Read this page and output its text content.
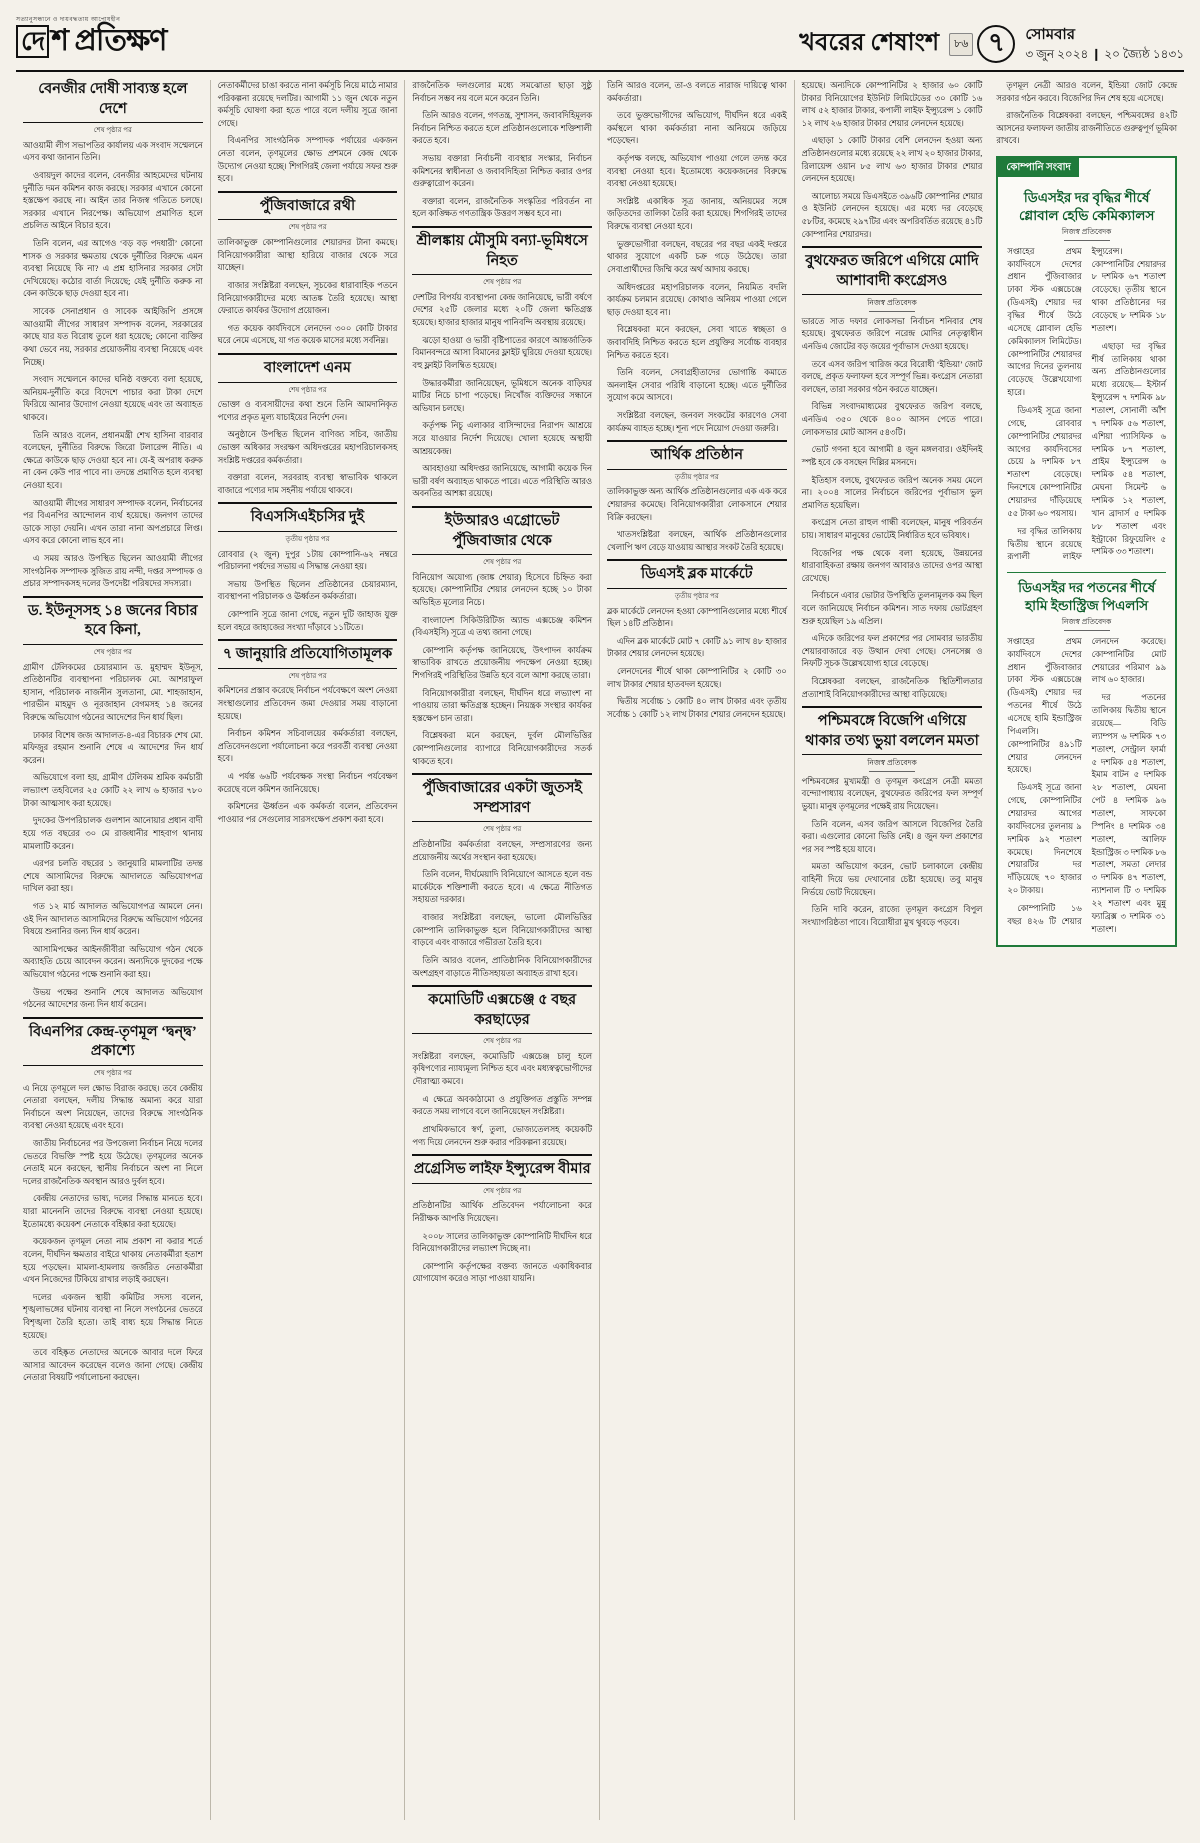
সত্যানুসন্ধানে ও দায়বদ্ধতায় আপোষহীন
দে শ প্রতিক্ষণ	খবরের শেষাংশ	৮৬ ৭	সোমবার
৩ জুন ২০২৪ ❙ ২০ জ্যৈষ্ঠ ১৪৩১
বেনজীর দোষী সাব্যস্ত হলে দেশে
শেষ পৃষ্ঠার পর

আওয়ামী লীগ সভাপতির কার্যালয় এক সংবাদ সম্মেলনে এসব কথা জানান তিনি।

ওবায়দুল কাদের বলেন, বেনজীর আহমেদের ঘটনায় দুর্নীতি দমন কমিশন কাজ করছে। সরকার এখানে কোনো হস্তক্ষেপ করছে না। আইন তার নিজস্ব গতিতে চলছে। সরকার এখানে নিরপেক্ষ। অভিযোগ প্রমাণিত হলে প্রচলিত আইনে বিচার হবে।

তিনি বলেন, এর আগেও ‘বড় বড় পদধারী’ কোনো শাসক ও সরকার ক্ষমতায় থেকে দুর্নীতির বিরুদ্ধে এমন ব্যবস্থা নিয়েছে কি না? এ প্রশ্ন হাসিনার সরকার সেটা দেখিয়েছে। কঠোর বার্তা দিয়েছে; যেই দুর্নীতি করুক না কেন কাউকে ছাড় দেওয়া হবে না।

সাবেক সেনাপ্রধান ও সাবেক আইজিপি প্রসঙ্গে আওয়ামী লীগের সাধারণ সম্পাদক বলেন, সরকারের কাছে যার যত বিরোধ তুলে ধরা হয়েছে; কোনো ব্যক্তির কথা ভেবে নয়, সরকার প্রয়োজনীয় ব্যবস্থা নিয়েছে এবং নিচ্ছে।

সংবাদ সম্মেলনে কাদের ঘনিষ্ঠ বক্তব্যে বলা হয়েছে, অনিয়ম-দুর্নীতি করে বিদেশে পাচার করা টাকা দেশে ফিরিয়ে আনার উদ্যোগ নেওয়া হয়েছে এবং তা অব্যাহত থাকবে।

তিনি আরও বলেন, প্রধানমন্ত্রী শেখ হাসিনা বারবার বলেছেন, দুর্নীতির বিরুদ্ধে জিরো টলারেন্স নীতি। এ ক্ষেত্রে কাউকে ছাড় দেওয়া হবে না। যে-ই অপরাধ করুক না কেন কেউ পার পাবে না। তদন্তে প্রমাণিত হলে ব্যবস্থা নেওয়া হবে।

আওয়ামী লীগের সাধারণ সম্পাদক বলেন, নির্বাচনের পর বিএনপির আন্দোলন ব্যর্থ হয়েছে। জনগণ তাদের ডাকে সাড়া দেয়নি। এখন তারা নানা অপপ্রচারে লিপ্ত। এসব করে কোনো লাভ হবে না।

এ সময় আরও উপস্থিত ছিলেন আওয়ামী লীগের সাংগঠনিক সম্পাদক সুজিত রায় নন্দী, দপ্তর সম্পাদক ও প্রচার সম্পাদকসহ দলের উপদেষ্টা পরিষদের সদস্যরা।

ড. ইউনূসসহ ১৪ জনের বিচার হবে কিনা,
শেষ পৃষ্ঠার পর

গ্রামীণ টেলিকমের চেয়ারম্যান ড. মুহাম্মদ ইউনূস, প্রতিষ্ঠানটির ব্যবস্থাপনা পরিচালক মো. আশরাফুল হাসান, পরিচালক নাজনীন সুলতানা, মো. শাহজাহান, পারভীন মাহমুদ ও নূরজাহান বেগমসহ ১৪ জনের বিরুদ্ধে অভিযোগ গঠনের আদেশের দিন ধার্য ছিল।

ঢাকার বিশেষ জজ আদালত-৪-এর বিচারক শেখ মো. মফিজুর রহমান শুনানি শেষে এ আদেশের দিন ধার্য করেন।

অভিযোগে বলা হয়, গ্রামীণ টেলিকম শ্রমিক কর্মচারী লভ্যাংশ তহবিলের ২৫ কোটি ২২ লাখ ৬ হাজার ৭৮০ টাকা আত্মসাৎ করা হয়েছে।

দুদকের উপপরিচালক গুলশান আনোয়ার প্রধান বাদী হয়ে গত বছরের ৩০ মে রাজধানীর শাহবাগ থানায় মামলাটি করেন।

এরপর চলতি বছরের ১ জানুয়ারি মামলাটির তদন্ত শেষে আসামিদের বিরুদ্ধে আদালতে অভিযোগপত্র দাখিল করা হয়।

গত ১২ মার্চ আদালত অভিযোগপত্র আমলে নেন। ওই দিন আদালত আসামিদের বিরুদ্ধে অভিযোগ গঠনের বিষয়ে শুনানির জন্য দিন ধার্য করেন।

আসামিপক্ষের আইনজীবীরা অভিযোগ গঠন থেকে অব্যাহতি চেয়ে আবেদন করেন। অন্যদিকে দুদকের পক্ষে অভিযোগ গঠনের পক্ষে শুনানি করা হয়।

উভয় পক্ষের শুনানি শেষে আদালত অভিযোগ গঠনের আদেশের জন্য দিন ধার্য করেন।

বিএনপির কেন্দ্র-তৃণমূল ‘দ্বন্দ্ব’ প্রকাশ্যে
শেষ পৃষ্ঠার পর

এ নিয়ে তৃণমূলে দল ক্ষোভ বিরাজ করছে। তবে কেন্দ্রীয় নেতারা বলছেন, দলীয় সিদ্ধান্ত অমান্য করে যারা নির্বাচনে অংশ নিয়েছেন, তাদের বিরুদ্ধে সাংগঠনিক ব্যবস্থা নেওয়া হয়েছে এবং হবে।

জাতীয় নির্বাচনের পর উপজেলা নির্বাচন নিয়ে দলের ভেতরে বিভক্তি স্পষ্ট হয়ে উঠেছে। তৃণমূলের অনেক নেতাই মনে করছেন, স্থানীয় নির্বাচনে অংশ না নিলে দলের রাজনৈতিক অবস্থান আরও দুর্বল হবে।

কেন্দ্রীয় নেতাদের ভাষ্য, দলের সিদ্ধান্ত মানতে হবে। যারা মানেননি তাদের বিরুদ্ধে ব্যবস্থা নেওয়া হয়েছে। ইতোমধ্যে কয়েকশ নেতাকে বহিষ্কার করা হয়েছে।

কয়েকজন তৃণমূল নেতা নাম প্রকাশ না করার শর্তে বলেন, দীর্ঘদিন ক্ষমতার বাইরে থাকায় নেতাকর্মীরা হতাশ হয়ে পড়ছেন। মামলা-হামলায় জর্জরিত নেতাকর্মীরা এখন নিজেদের টিকিয়ে রাখার লড়াই করছেন।

দলের একজন স্থায়ী কমিটির সদস্য বলেন, শৃঙ্খলাভঙ্গের ঘটনায় ব্যবস্থা না নিলে সংগঠনের ভেতরে বিশৃঙ্খলা তৈরি হতো। তাই বাধ্য হয়ে সিদ্ধান্ত নিতে হয়েছে।

তবে বহিষ্কৃত নেতাদের অনেকে আবার দলে ফিরে আসার আবেদন করেছেন বলেও জানা গেছে। কেন্দ্রীয় নেতারা বিষয়টি পর্যালোচনা করছেন।

নেতাকর্মীদের চাঙা করতে নানা কর্মসূচি নিয়ে মাঠে নামার পরিকল্পনা রয়েছে দলটির। আগামী ১১ জুন থেকে নতুন কর্মসূচি ঘোষণা করা হতে পারে বলে দলীয় সূত্রে জানা গেছে।

বিএনপির সাংগঠনিক সম্পাদক পর্যায়ের একজন নেতা বলেন, তৃণমূলের ক্ষোভ প্রশমনে কেন্দ্র থেকে উদ্যোগ নেওয়া হচ্ছে। শিগগিরই জেলা পর্যায়ে সফর শুরু হবে।

পুঁজিবাজারে রথী
শেষ পৃষ্ঠার পর

তালিকাভুক্ত কোম্পানিগুলোর শেয়ারদর টানা কমছে। বিনিয়োগকারীরা আস্থা হারিয়ে বাজার থেকে সরে যাচ্ছেন।

বাজার সংশ্লিষ্টরা বলছেন, সূচকের ধারাবাহিক পতনে বিনিয়োগকারীদের মধ্যে আতঙ্ক তৈরি হয়েছে। আস্থা ফেরাতে কার্যকর উদ্যোগ প্রয়োজন।

গত কয়েক কার্যদিবসে লেনদেন ৩০০ কোটি টাকার ঘরে নেমে এসেছে, যা গত কয়েক মাসের মধ্যে সর্বনিম্ন।

বাংলাদেশ এনম
শেষ পৃষ্ঠার পর

ভোক্তা ও ব্যবসায়ীদের কথা শুনে তিনি আমদানিকৃত পণ্যের প্রকৃত মূল্য যাচাইয়ের নির্দেশ দেন।

অনুষ্ঠানে উপস্থিত ছিলেন বাণিজ্য সচিব, জাতীয় ভোক্তা অধিকার সংরক্ষণ অধিদপ্তরের মহাপরিচালকসহ সংশ্লিষ্ট দপ্তরের কর্মকর্তারা।

বক্তারা বলেন, সরবরাহ ব্যবস্থা স্বাভাবিক থাকলে বাজারে পণ্যের দাম সহনীয় পর্যায়ে থাকবে।

বিএসসিএইচসির দুই
তৃতীয় পৃষ্ঠার পর

রোববার (২ জুন) দুপুর ১টায় কোম্পানি-৬২ নম্বরে পরিচালনা পর্ষদের সভায় এ সিদ্ধান্ত নেওয়া হয়।

সভায় উপস্থিত ছিলেন প্রতিষ্ঠানের চেয়ারম্যান, ব্যবস্থাপনা পরিচালক ও ঊর্ধ্বতন কর্মকর্তারা।

কোম্পানি সূত্রে জানা গেছে, নতুন দুটি জাহাজ যুক্ত হলে বহরে জাহাজের সংখ্যা দাঁড়াবে ১১টিতে।

৭ জানুয়ারি প্রতিযোগিতামূলক
শেষ পৃষ্ঠার পর

কমিশনের প্রস্তাব করেছে নির্বাচন পর্যবেক্ষণে অংশ নেওয়া সংস্থাগুলোর প্রতিবেদন জমা দেওয়ার সময় বাড়ানো হয়েছে।

নির্বাচন কমিশন সচিবালয়ের কর্মকর্তারা বলছেন, প্রতিবেদনগুলো পর্যালোচনা করে পরবর্তী ব্যবস্থা নেওয়া হবে।

এ পর্যন্ত ৬৬টি পর্যবেক্ষক সংস্থা নির্বাচন পর্যবেক্ষণ করেছে বলে কমিশন জানিয়েছে।

কমিশনের ঊর্ধ্বতন এক কর্মকর্তা বলেন, প্রতিবেদন পাওয়ার পর সেগুলোর সারসংক্ষেপ প্রকাশ করা হবে।

রাজনৈতিক দলগুলোর মধ্যে সমঝোতা ছাড়া সুষ্ঠু নির্বাচন সম্ভব নয় বলে মনে করেন তিনি।

তিনি আরও বলেন, গণতন্ত্র, সুশাসন, জবাবদিহিমূলক নির্বাচন নিশ্চিত করতে হলে প্রতিষ্ঠানগুলোকে শক্তিশালী করতে হবে।

সভায় বক্তারা নির্বাচনী ব্যবস্থার সংস্কার, নির্বাচন কমিশনের স্বাধীনতা ও জবাবদিহিতা নিশ্চিত করার ওপর গুরুত্বারোপ করেন।

বক্তারা বলেন, রাজনৈতিক সংস্কৃতির পরিবর্তন না হলে কাঙ্ক্ষিত গণতান্ত্রিক উত্তরণ সম্ভব হবে না।

শ্রীলঙ্কায় মৌসুমি বন্যা-ভূমিধসে নিহত
শেষ পৃষ্ঠার পর

দেশটির বিপর্যয় ব্যবস্থাপনা কেন্দ্র জানিয়েছে, ভারী বর্ষণে দেশের ২৫টি জেলার মধ্যে ২০টি জেলা ক্ষতিগ্রস্ত হয়েছে। হাজার হাজার মানুষ পানিবন্দি অবস্থায় রয়েছে।

ঝড়ো হাওয়া ও ভারী বৃষ্টিপাতের কারণে আন্তর্জাতিক বিমানবন্দরে আসা বিমানের ফ্লাইট ঘুরিয়ে দেওয়া হয়েছে। বহু ফ্লাইট বিলম্বিত হয়েছে।

উদ্ধারকর্মীরা জানিয়েছেন, ভূমিধসে অনেক বাড়িঘর মাটির নিচে চাপা পড়েছে। নিখোঁজ ব্যক্তিদের সন্ধানে অভিযান চলছে।

কর্তৃপক্ষ নিচু এলাকার বাসিন্দাদের নিরাপদ আশ্রয়ে সরে যাওয়ার নির্দেশ দিয়েছে। খোলা হয়েছে অস্থায়ী আশ্রয়কেন্দ্র।

আবহাওয়া অধিদপ্তর জানিয়েছে, আগামী কয়েক দিন ভারী বর্ষণ অব্যাহত থাকতে পারে। এতে পরিস্থিতি আরও অবনতির আশঙ্কা রয়েছে।

ইউআরও এগ্রোভেট পুঁজিবাজার থেকে
শেষ পৃষ্ঠার পর

বিনিয়োগ অযোগ্য (জাঙ্ক শেয়ার) হিসেবে চিহ্নিত করা হয়েছে। কোম্পানিটির শেয়ার লেনদেন হচ্ছে ১০ টাকা অভিহিত মূল্যের নিচে।

বাংলাদেশ সিকিউরিটিজ অ্যান্ড এক্সচেঞ্জ কমিশন (বিএসইসি) সূত্রে এ তথ্য জানা গেছে।

কোম্পানি কর্তৃপক্ষ জানিয়েছে, উৎপাদন কার্যক্রম স্বাভাবিক রাখতে প্রয়োজনীয় পদক্ষেপ নেওয়া হচ্ছে। শিগগিরই পরিস্থিতির উন্নতি হবে বলে আশা করছে তারা।

বিনিয়োগকারীরা বলছেন, দীর্ঘদিন ধরে লভ্যাংশ না পাওয়ায় তারা ক্ষতিগ্রস্ত হচ্ছেন। নিয়ন্ত্রক সংস্থার কার্যকর হস্তক্ষেপ চান তারা।

বিশ্লেষকরা মনে করছেন, দুর্বল মৌলভিত্তির কোম্পানিগুলোর ব্যাপারে বিনিয়োগকারীদের সতর্ক থাকতে হবে।

পুঁজিবাজারের একটা জুতসই সম্প্রসারণ
শেষ পৃষ্ঠার পর

প্রতিষ্ঠানটির কর্মকর্তারা বলছেন, সম্প্রসারণের জন্য প্রয়োজনীয় অর্থের সংস্থান করা হয়েছে।

তিনি বলেন, দীর্ঘমেয়াদি বিনিয়োগে আসতে হলে বন্ড মার্কেটকে শক্তিশালী করতে হবে। এ ক্ষেত্রে নীতিগত সহায়তা দরকার।

বাজার সংশ্লিষ্টরা বলছেন, ভালো মৌলভিত্তির কোম্পানি তালিকাভুক্ত হলে বিনিয়োগকারীদের আস্থা বাড়বে এবং বাজারে গভীরতা তৈরি হবে।

তিনি আরও বলেন, প্রাতিষ্ঠানিক বিনিয়োগকারীদের অংশগ্রহণ বাড়াতে নীতিসহায়তা অব্যাহত রাখা হবে।

কমোডিটি এক্সচেঞ্জ ৫ বছর করছাড়ের
শেষ পৃষ্ঠার পর

সংশ্লিষ্টরা বলছেন, কমোডিটি এক্সচেঞ্জ চালু হলে কৃষিপণ্যের ন্যায্যমূল্য নিশ্চিত হবে এবং মধ্যস্বত্বভোগীদের দৌরাত্ম্য কমবে।

এ ক্ষেত্রে অবকাঠামো ও প্রযুক্তিগত প্রস্তুতি সম্পন্ন করতে সময় লাগবে বলে জানিয়েছেন সংশ্লিষ্টরা।

প্রাথমিকভাবে স্বর্ণ, তুলা, ভোজ্যতেলসহ কয়েকটি পণ্য দিয়ে লেনদেন শুরু করার পরিকল্পনা রয়েছে।

প্রগ্রেসিভ লাইফ ইন্স্যুরেন্স বীমার
শেষ পৃষ্ঠার পর

প্রতিষ্ঠানটির আর্থিক প্রতিবেদন পর্যালোচনা করে নিরীক্ষক আপত্তি দিয়েছেন।

২০০৮ সালের তালিকাভুক্ত কোম্পানিটি দীর্ঘদিন ধরে বিনিয়োগকারীদের লভ্যাংশ দিচ্ছে না।

কোম্পানি কর্তৃপক্ষের বক্তব্য জানতে একাধিকবার যোগাযোগ করেও সাড়া পাওয়া যায়নি।

তিনি আরও বলেন, তা-ও বলতে নারাজ দায়িত্বে থাকা কর্মকর্তারা।

তবে ভুক্তভোগীদের অভিযোগ, দীর্ঘদিন ধরে একই কর্মস্থলে থাকা কর্মকর্তারা নানা অনিয়মে জড়িয়ে পড়েছেন।

কর্তৃপক্ষ বলছে, অভিযোগ পাওয়া গেলে তদন্ত করে ব্যবস্থা নেওয়া হবে। ইতোমধ্যে কয়েকজনের বিরুদ্ধে ব্যবস্থা নেওয়া হয়েছে।

সংশ্লিষ্ট একাধিক সূত্র জানায়, অনিয়মের সঙ্গে জড়িতদের তালিকা তৈরি করা হয়েছে। শিগগিরই তাদের বিরুদ্ধে ব্যবস্থা নেওয়া হবে।

ভুক্তভোগীরা বলছেন, বছরের পর বছর একই দপ্তরে থাকার সুযোগে একটি চক্র গড়ে উঠেছে। তারা সেবাপ্রার্থীদের জিম্মি করে অর্থ আদায় করছে।

অধিদপ্তরের মহাপরিচালক বলেন, নিয়মিত বদলি কার্যক্রম চলমান রয়েছে। কোথাও অনিয়ম পাওয়া গেলে ছাড় দেওয়া হবে না।

বিশ্লেষকরা মনে করছেন, সেবা খাতে স্বচ্ছতা ও জবাবদিহি নিশ্চিত করতে হলে প্রযুক্তির সর্বোচ্চ ব্যবহার নিশ্চিত করতে হবে।

তিনি বলেন, সেবাগ্রহীতাদের ভোগান্তি কমাতে অনলাইন সেবার পরিধি বাড়ানো হচ্ছে। এতে দুর্নীতির সুযোগ কমে আসবে।

সংশ্লিষ্টরা বলছেন, জনবল সংকটের কারণেও সেবা কার্যক্রম ব্যাহত হচ্ছে। শূন্য পদে নিয়োগ দেওয়া জরুরি।

আর্থিক প্রতিষ্ঠান
তৃতীয় পৃষ্ঠার পর

তালিকাভুক্ত অন্য আর্থিক প্রতিষ্ঠানগুলোর এক এক করে শেয়ারদর কমেছে। বিনিয়োগকারীরা লোকসানে শেয়ার বিক্রি করছেন।

খাতসংশ্লিষ্টরা বলছেন, আর্থিক প্রতিষ্ঠানগুলোর খেলাপি ঋণ বেড়ে যাওয়ায় আস্থার সংকট তৈরি হয়েছে।

ডিএসই ব্লক মার্কেটে
তৃতীয় পৃষ্ঠার পর

ব্লক মার্কেটে লেনদেন হওয়া কোম্পানিগুলোর মধ্যে শীর্ষে ছিল ১৪টি প্রতিষ্ঠান।

এদিন ব্লক মার্কেটে মোট ৭ কোটি ৯১ লাখ ৪৮ হাজার টাকার শেয়ার লেনদেন হয়েছে।

লেনদেনের শীর্ষে থাকা কোম্পানিটির ২ কোটি ৩০ লাখ টাকার শেয়ার হাতবদল হয়েছে।

দ্বিতীয় সর্বোচ্চ ১ কোটি ৪০ লাখ টাকার এবং তৃতীয় সর্বোচ্চ ১ কোটি ১২ লাখ টাকার শেয়ার লেনদেন হয়েছে।

হয়েছে। অন্যদিকে কোম্পানিটির ২ হাজার ৬০ কোটি টাকার বিনিয়োগের ইউনিট লিমিটেডের ৩০ কোটি ১৬ লাখ ৫২ হাজার টাকার, কপালী লাইফ ইন্স্যুরেন্স ১ কোটি ১২ লাখ ২৬ হাজার টাকার শেয়ার লেনদেন হয়েছে।

এছাড়া ১ কোটি টাকার বেশি লেনদেন হওয়া অন্য প্রতিষ্ঠানগুলোর মধ্যে রয়েছে ২২ লাখ ২০ হাজার টাকার, রিলায়েন্স ওয়ান ৮৫ লাখ ৬৩ হাজার টাকার শেয়ার লেনদেন হয়েছে।

আলোচ্য সময়ে ডিএসইতে ৩৯৬টি কোম্পানির শেয়ার ও ইউনিট লেনদেন হয়েছে। এর মধ্যে দর বেড়েছে ৫৮টির, কমেছে ২৯৭টির এবং অপরিবর্তিত রয়েছে ৪১টি কোম্পানির শেয়ারদর।

বুথফেরত জরিপে এগিয়ে মোদি আশাবাদী কংগ্রেসও
নিজস্ব প্রতিবেদক

ভারতে সাত দফার লোকসভা নির্বাচন শনিবার শেষ হয়েছে। বুথফেরত জরিপে নরেন্দ্র মোদির নেতৃত্বাধীন এনডিএ জোটের বড় জয়ের পূর্বাভাস দেওয়া হয়েছে।

তবে এসব জরিপ খারিজ করে বিরোধী ‘ইন্ডিয়া’ জোট বলছে, প্রকৃত ফলাফল হবে সম্পূর্ণ ভিন্ন। কংগ্রেস নেতারা বলছেন, তারা সরকার গঠন করতে যাচ্ছেন।

বিভিন্ন সংবাদমাধ্যমের বুথফেরত জরিপ বলছে, এনডিএ ৩৫০ থেকে ৪০০ আসন পেতে পারে। লোকসভার মোট আসন ৫৪৩টি।

ভোট গণনা হবে আগামী ৪ জুন মঙ্গলবার। ওইদিনই স্পষ্ট হবে কে বসছেন দিল্লির মসনদে।

ইতিহাস বলছে, বুথফেরত জরিপ অনেক সময় মেলে না। ২০০৪ সালের নির্বাচনে জরিপের পূর্বাভাস ভুল প্রমাণিত হয়েছিল।

কংগ্রেস নেতা রাহুল গান্ধী বলেছেন, মানুষ পরিবর্তন চায়। সাধারণ মানুষের ভোটেই নির্ধারিত হবে ভবিষ্যৎ।

বিজেপির পক্ষ থেকে বলা হয়েছে, উন্নয়নের ধারাবাহিকতা রক্ষায় জনগণ আবারও তাদের ওপর আস্থা রেখেছে।

নির্বাচনে এবার ভোটার উপস্থিতি তুলনামূলক কম ছিল বলে জানিয়েছে নির্বাচন কমিশন। সাত দফায় ভোটগ্রহণ শুরু হয়েছিল ১৯ এপ্রিল।

এদিকে জরিপের ফল প্রকাশের পর সোমবার ভারতীয় শেয়ারবাজারে বড় উত্থান দেখা গেছে। সেনসেক্স ও নিফটি সূচক উল্লেখযোগ্য হারে বেড়েছে।

বিশ্লেষকরা বলছেন, রাজনৈতিক স্থিতিশীলতার প্রত্যাশাই বিনিয়োগকারীদের আস্থা বাড়িয়েছে।

পশ্চিমবঙ্গে বিজেপি এগিয়ে থাকার তথ্য ভুয়া বললেন মমতা
নিজস্ব প্রতিবেদক

পশ্চিমবঙ্গের মুখ্যমন্ত্রী ও তৃণমূল কংগ্রেস নেত্রী মমতা বন্দ্যোপাধ্যায় বলেছেন, বুথফেরত জরিপের ফল সম্পূর্ণ ভুয়া। মানুষ তৃণমূলের পক্ষেই রায় দিয়েছেন।

তিনি বলেন, এসব জরিপ আসলে বিজেপির তৈরি করা। এগুলোর কোনো ভিত্তি নেই। ৪ জুন ফল প্রকাশের পর সব স্পষ্ট হয়ে যাবে।

মমতা অভিযোগ করেন, ভোট চলাকালে কেন্দ্রীয় বাহিনী দিয়ে ভয় দেখানোর চেষ্টা হয়েছে। তবু মানুষ নির্ভয়ে ভোট দিয়েছেন।

তিনি দাবি করেন, রাজ্যে তৃণমূল কংগ্রেস বিপুল সংখ্যাগরিষ্ঠতা পাবে। বিরোধীরা মুখ থুবড়ে পড়বে।

তৃণমূল নেত্রী আরও বলেন, ইন্ডিয়া জোট কেন্দ্রে সরকার গঠন করবে। বিজেপির দিন শেষ হয়ে এসেছে।

রাজনৈতিক বিশ্লেষকরা বলছেন, পশ্চিমবঙ্গের ৪২টি আসনের ফলাফল জাতীয় রাজনীতিতে গুরুত্বপূর্ণ ভূমিকা রাখবে।

কোম্পানি সংবাদ
ডিএসইর দর বৃদ্ধির শীর্ষে গ্লোবাল হেভি কেমিক্যালস
নিজস্ব প্রতিবেদক

সপ্তাহের প্রথম কার্যদিবসে দেশের প্রধান পুঁজিবাজার ঢাকা স্টক এক্সচেঞ্জে (ডিএসই) শেয়ার দর বৃদ্ধির শীর্ষে উঠে এসেছে গ্লোবাল হেভি কেমিক্যালস লিমিটেড। কোম্পানিটির শেয়ারদর আগের দিনের তুলনায় বেড়েছে উল্লেখযোগ্য হারে।

ডিএসই সূত্রে জানা গেছে, রোববার কোম্পানিটির শেয়ারদর আগের কার্যদিবসের চেয়ে ৯ দশমিক ৮৭ শতাংশ বেড়েছে। দিনশেষে কোম্পানিটির শেয়ারদর দাঁড়িয়েছে ৫৫ টাকা ৬০ পয়সায়।

দর বৃদ্ধির তালিকায় দ্বিতীয় স্থানে রয়েছে রূপালী লাইফ ইন্স্যুরেন্স। কোম্পানিটির শেয়ারদর ৮ দশমিক ৬৭ শতাংশ বেড়েছে। তৃতীয় স্থানে থাকা প্রতিষ্ঠানের দর বেড়েছে ৮ দশমিক ১৮ শতাংশ।

এছাড়া দর বৃদ্ধির শীর্ষ তালিকায় থাকা অন্য প্রতিষ্ঠানগুলোর মধ্যে রয়েছে— ইস্টার্ন ইন্স্যুরেন্স ৭ দশমিক ৯৮ শতাংশ, সোনালী আঁশ ৭ দশমিক ৫৬ শতাংশ, এশিয়া প্যাসিফিক ৬ দশমিক ৮৭ শতাংশ, প্রাইম ইন্স্যুরেন্স ৬ দশমিক ৫৪ শতাংশ, মেঘনা সিমেন্ট ৬ দশমিক ১২ শতাংশ, খান ব্রাদার্স ৫ দশমিক ৮৮ শতাংশ এবং ইন্ট্রাকো রিফুয়েলিং ৫ দশমিক ৩৩ শতাংশ।

ডিএসইর দর পতনের শীর্ষে হামি ইন্ডাস্ট্রিজ পিএলসি
নিজস্ব প্রতিবেদক

সপ্তাহের প্রথম কার্যদিবসে দেশের প্রধান পুঁজিবাজার ঢাকা স্টক এক্সচেঞ্জে (ডিএসই) শেয়ার দর পতনের শীর্ষে উঠে এসেছে হামি ইন্ডাস্ট্রিজ পিএলসি। কোম্পানিটির ৪৯১টি শেয়ার লেনদেন হয়েছে।

ডিএসই সূত্রে জানা গেছে, কোম্পানিটির শেয়ারদর আগের কার্যদিবসের তুলনায় ৯ দশমিক ৯২ শতাংশ কমেছে। দিনশেষে শেয়ারটির দর দাঁড়িয়েছে ৭০ হাজার ২০ টাকায়।

কোম্পানিটি ১৬ বছর ৪২৬ টি শেয়ার লেনদেন করেছে। কোম্পানিটির মোট শেয়ারের পরিমাণ ৯৯ লাখ ৬০ হাজার।

দর পতনের তালিকায় দ্বিতীয় স্থানে রয়েছে— বিডি ল্যাম্পস ৬ দশমিক ৭৩ শতাংশ, সেন্ট্রাল ফার্মা ৫ দশমিক ৫৪ শতাংশ, ইমাম বাটন ৫ দশমিক ২৮ শতাংশ, মেঘনা পেট ৪ দশমিক ৯৬ শতাংশ, সাফকো স্পিনিং ৪ দশমিক ৩৪ শতাংশ, আলিফ ইন্ডাস্ট্রিজ ৩ দশমিক ৮৬ শতাংশ, সমতা লেদার ৩ দশমিক ৪৭ শতাংশ, ন্যাশনাল টি ৩ দশমিক ২২ শতাংশ এবং মুন্নু ফ্যাব্রিক্স ৩ দশমিক ৩১ শতাংশ।
